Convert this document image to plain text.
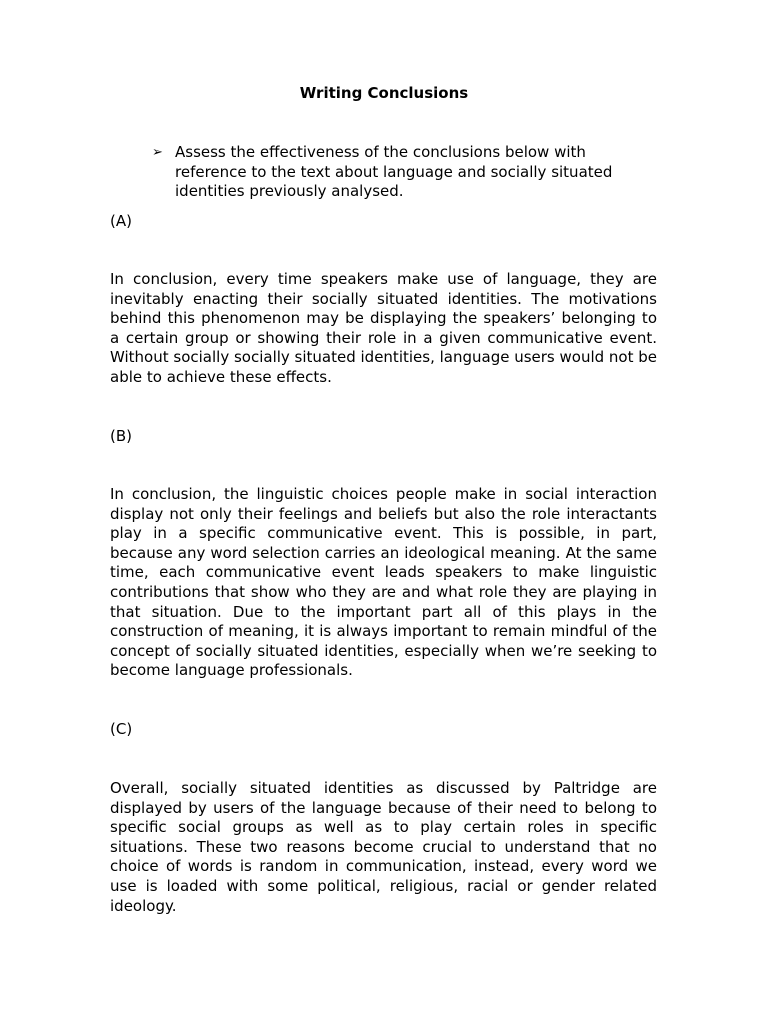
Writing Conclusions
➢ Assess the effectiveness of the conclusions below with reference to the text about language and socially situated identities previously analysed.
(A)
In conclusion, every time speakers make use of language, they are inevitably enacting their socially situated identities. The motivations behind this phenomenon may be displaying the speakers’ belonging to a certain group or showing their role in a given communicative event. Without socially socially situated identities, language users would not be able to achieve these effects.
(B)
In conclusion, the linguistic choices people make in social interaction display not only their feelings and beliefs but also the role interactants play in a specific communicative event. This is possible, in part, because any word selection carries an ideological meaning. At the same time, each communicative event leads speakers to make linguistic contributions that show who they are and what role they are playing in that situation. Due to the important part all of this plays in the construction of meaning, it is always important to remain mindful of the concept of socially situated identities, especially when we’re seeking to become language professionals.
(C)
Overall, socially situated identities as discussed by Paltridge are displayed by users of the language because of their need to belong to specific social groups as well as to play certain roles in specific situations. These two reasons become crucial to understand that no choice of words is random in communication, instead, every word we use is loaded with some political, religious, racial or gender related ideology.
